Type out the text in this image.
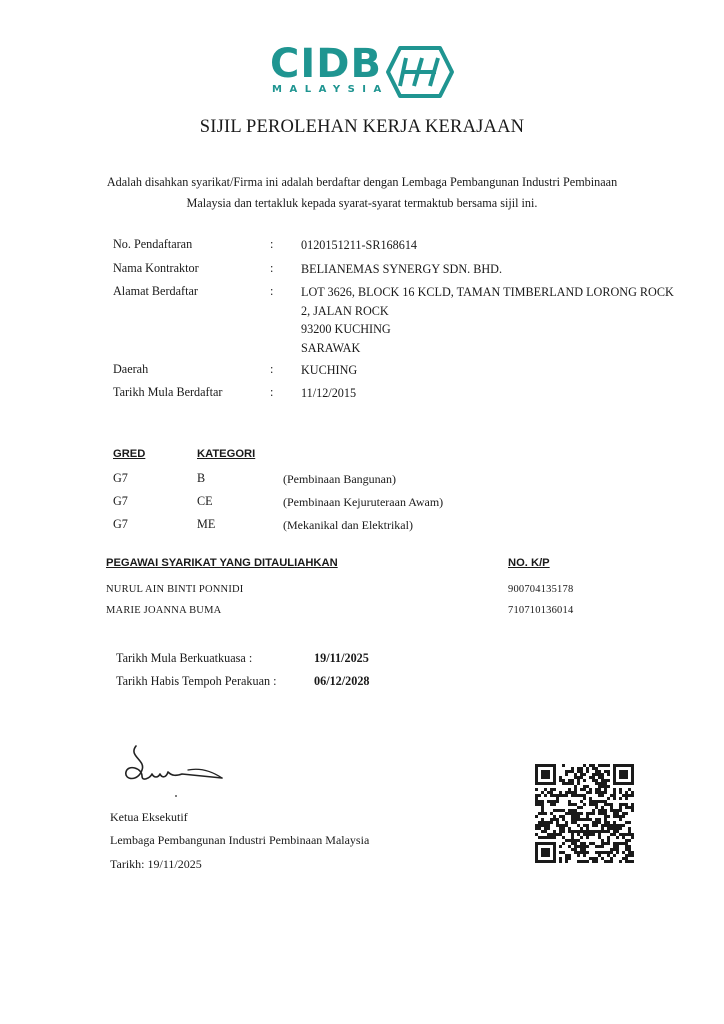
CIDB
MALAYSIA
SIJIL PEROLEHAN KERJA KERAJAAN
Adalah disahkan syarikat/Firma ini adalah berdaftar dengan Lembaga Pembangunan Industri Pembinaan
Malaysia dan tertakluk kepada syarat-syarat termaktub bersama sijil ini.
No. Pendaftaran	: 0120151211-SR168614
Nama Kontraktor	: BELIANEMAS SYNERGY SDN. BHD.
Alamat Berdaftar	: LOT 3626, BLOCK 16 KCLD, TAMAN TIMBERLAND LORONG ROCK
2, JALAN ROCK
93200 KUCHING
SARAWAK
Daerah	: KUCHING
Tarikh Mula Berdaftar	: 11/12/2015
GRED	KATEGORI
G7	B	(Pembinaan Bangunan)
G7	CE	(Pembinaan Kejuruteraan Awam)
G7	ME	(Mekanikal dan Elektrikal)
PEGAWAI SYARIKAT YANG DITAULIAHKAN	NO. K/P
NURUL AIN BINTI PONNIDI	900704135178
MARIE JOANNA BUMA	710710136014
Tarikh Mula Berkuatkuasa :	19/11/2025
Tarikh Habis Tempoh Perakuan :	06/12/2028
Ketua Eksekutif
Lembaga Pembangunan Industri Pembinaan Malaysia
Tarikh: 19/11/2025
